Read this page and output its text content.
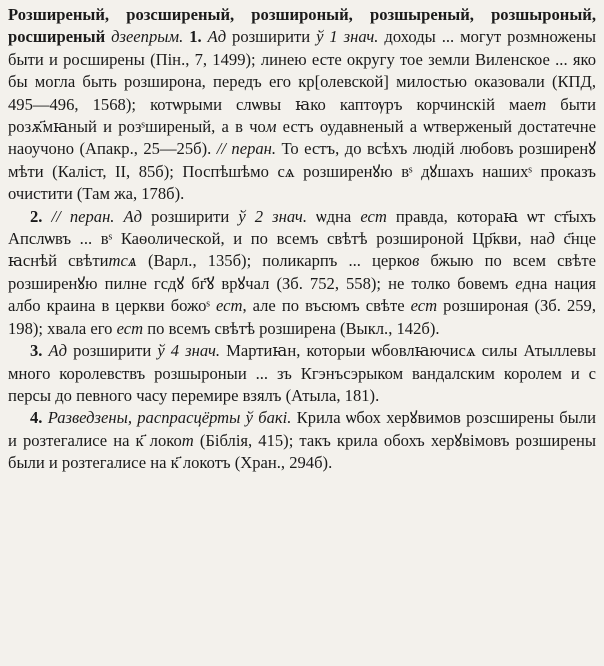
Розширеный, розсширеный, розшироный, розшыреный, розшыроный, росширеный дзеепрым. 1. Ад розширити ў 1 знач. доходы ... могут розмножены быти и росширены (Пін., 7, 1499); линею есте округу тое земли Виленское ... яко бы могла быть розширона, передъ его кр[олевской] милостью оказовали (КПД, 495—496, 1568); котѡрыми слѡвы ꙗко каптѹръ корчинскій мает быти розѫ҃мꙗный и розˢширеный, а в чом естъ оудавненый а ѡтверженый достатечне наоучоно (Апакр., 25—25б). // перан. То естъ, до всѣхъ людій любовъ розширенꙋ мѣти (Каліст, II, 85б); Поспѣшѣмо сѧ розширенꙋю вˢ дꙋшахъ нашихˢ проказъ очистити (Там жа, 178б).

2. // перан. Ад розширити ў 2 знач. ѡдна ест правда, котораꙗ ѡт ст҃ыхъ Апслѡвъ ... вˢ Каѳолической, и по всемъ свѣтѣ розшироной Цр҃кви, над с҃нце ꙗснѣй свѣтитсѧ (Варл., 135б); поликарпъ ... церков бжыю по всем свѣте розширенꙋю пилне гсдꙋ бг҃ꙋ врꙋчал (Зб. 752, 558); не толко бовемъ една нация албо краина в церкви божоˢ ест, але по въсюмъ свѣте ест розшироная (Зб. 259, 198); хвала его ест по всемъ свѣтѣ розширена (Выкл., 142б).

3. Ад розширити ў 4 знач. Мартиꙗн, которыи ѡбовлꙗючисѧ силы Атыллевы много королевствъ розшыроныи ... зъ Кгэнъсэрыком вандалским королем и с персы до певного часу перемире взялъ (Атыла, 181).

4. Разведзены, распрасцёрты ў бакі. Крила ѡбох херꙋвимов розсширены были и розтегалисе на к҃ локот (Біблія, 415); такъ крила обохъ херꙋвімовъ розширены были и розтегалисе на к҃ локотъ (Хран., 294б).
